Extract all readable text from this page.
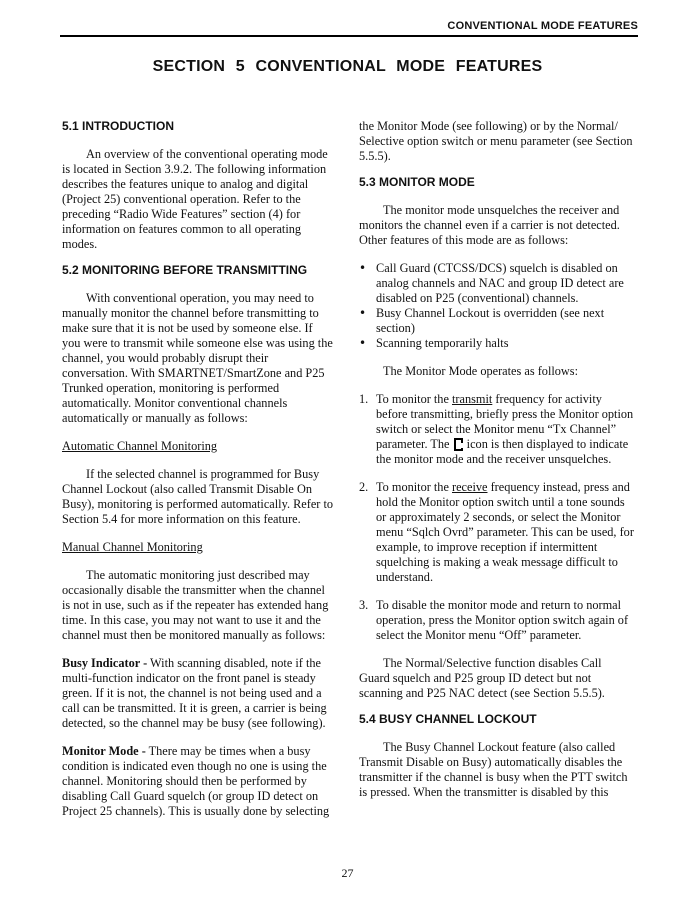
CONVENTIONAL MODE FEATURES
SECTION 5 CONVENTIONAL MODE FEATURES
5.1 INTRODUCTION

An overview of the conventional operating mode is located in Section 3.9.2. The following information describes the features unique to analog and digital (Project 25) conventional operation. Refer to the preceding “Radio Wide Features” section (4) for information on features common to all operating modes.

5.2 MONITORING BEFORE TRANSMITTING

With conventional operation, you may need to manually monitor the channel before transmitting to make sure that it is not be used by someone else. If you were to transmit while someone else was using the channel, you would probably disrupt their conversation. With SMARTNET/SmartZone and P25 Trunked operation, monitoring is performed automatically. Monitor conventional channels automatically or manually as follows:

Automatic Channel Monitoring

If the selected channel is programmed for Busy Channel Lockout (also called Transmit Disable On Busy), monitoring is performed automatically. Refer to Section 5.4 for more information on this feature.

Manual Channel Monitoring

The automatic monitoring just described may occasionally disable the transmitter when the channel is not in use, such as if the repeater has extended hang time. In this case, you may not want to use it and the channel must then be monitored manually as follows:

Busy Indicator - With scanning disabled, note if the multi-function indicator on the front panel is steady green. If it is not, the channel is not being used and a call can be transmitted. It it is green, a carrier is being detected, so the channel may be busy (see following).

Monitor Mode - There may be times when a busy condition is indicated even though no one is using the channel. Monitoring should then be performed by disabling Call Guard squelch (or group ID detect on Project 25 channels). This is usually done by selecting

the Monitor Mode (see following) or by the Normal/ Selective option switch or menu parameter (see Section 5.5.5).

5.3 MONITOR MODE

The monitor mode unsquelches the receiver and monitors the channel even if a carrier is not detected. Other features of this mode are as follows:

• Call Guard (CTCSS/DCS) squelch is disabled on analog channels and NAC and group ID detect are disabled on P25 (conventional) channels.
• Busy Channel Lockout is overridden (see next section)
• Scanning temporarily halts

The Monitor Mode operates as follows:

1. To monitor the transmit frequency for activity before transmitting, briefly press the Monitor option switch or select the Monitor menu “Tx Channel” parameter. The  icon is then displayed to indicate the monitor mode and the receiver unsquelches.
2. To monitor the receive frequency instead, press and hold the Monitor option switch until a tone sounds or approximately 2 seconds, or select the Monitor menu “Sqlch Ovrd” parameter. This can be used, for example, to improve reception if intermittent squelching is making a weak message difficult to understand.
3. To disable the monitor mode and return to normal operation, press the Monitor option switch again of select the Monitor menu “Off” parameter.

The Normal/Selective function disables Call Guard squelch and P25 group ID detect but not scanning and P25 NAC detect (see Section 5.5.5).

5.4 BUSY CHANNEL LOCKOUT

The Busy Channel Lockout feature (also called Transmit Disable on Busy) automatically disables the transmitter if the channel is busy when the PTT switch is pressed. When the transmitter is disabled by this

27
